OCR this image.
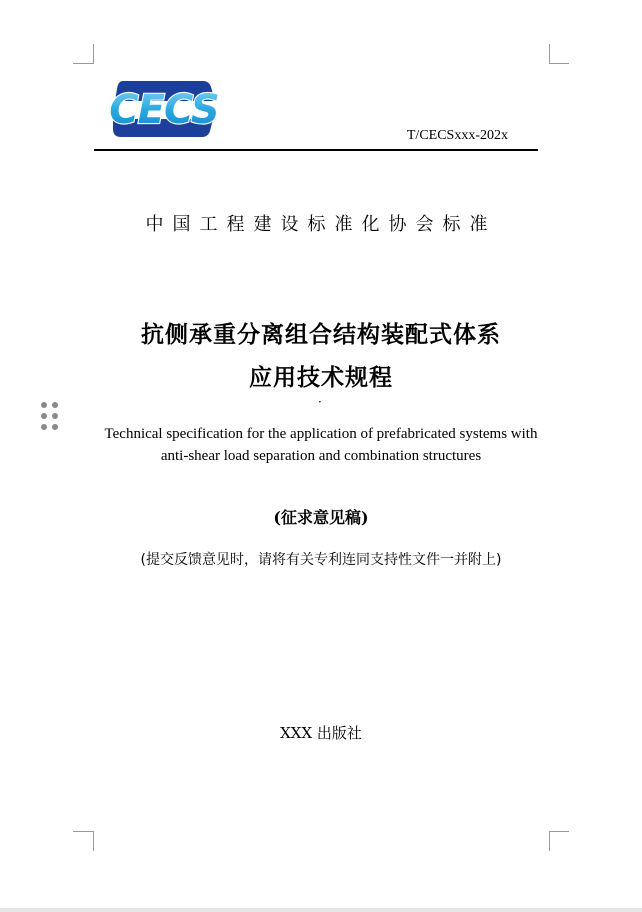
CECS
T/CECSxxx-202x
中国工程建设标准化协会标准
抗侧承重分离组合结构装配式体系
应用技术规程
·
Technical specification for the application of prefabricated systems with
anti-shear load separation and combination structures
(征求意见稿)
(提交反馈意见时，请将有关专利连同支持性文件一并附上)
XXX 出版社
